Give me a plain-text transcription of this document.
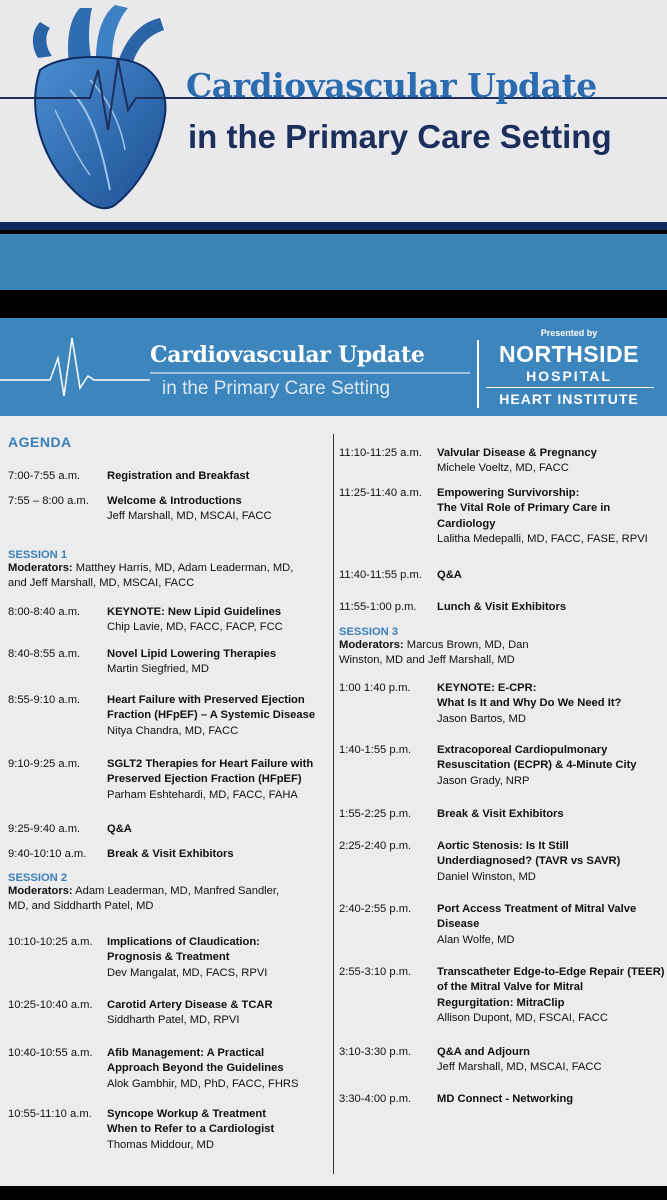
Cardiovascular Update
in the Primary Care Setting
Cardiovascular Update
in the Primary Care Setting
Presented by
NORTHSIDE
HOSPITAL
HEART INSTITUTE
AGENDA
7:00-7:55 a.m. Registration and Breakfast
7:55 – 8:00 a.m. Welcome & Introductions
Jeff Marshall, MD, MSCAI, FACC
SESSION 1
Moderators: Matthey Harris, MD, Adam Leaderman, MD,
and Jeff Marshall, MD, MSCAI, FACC
8:00-8:40 a.m. KEYNOTE: New Lipid Guidelines
Chip Lavie, MD, FACC, FACP, FCC
8:40-8:55 a.m. Novel Lipid Lowering Therapies
Martin Siegfried, MD
8:55-9:10 a.m. Heart Failure with Preserved Ejection
Fraction (HFpEF) – A Systemic Disease
Nitya Chandra, MD, FACC
9:10-9:25 a.m. SGLT2 Therapies for Heart Failure with
Preserved Ejection Fraction (HFpEF)
Parham Eshtehardi, MD, FACC, FAHA
9:25-9:40 a.m. Q&A
9:40-10:10 a.m. Break & Visit Exhibitors
SESSION 2
Moderators: Adam Leaderman, MD, Manfred Sandler,
MD, and Siddharth Patel, MD
10:10-10:25 a.m. Implications of Claudication:
Prognosis & Treatment
Dev Mangalat, MD, FACS, RPVI
10:25-10:40 a.m. Carotid Artery Disease & TCAR
Siddharth Patel, MD, RPVI
10:40-10:55 a.m. Afib Management: A Practical
Approach Beyond the Guidelines
Alok Gambhir, MD, PhD, FACC, FHRS
10:55-11:10 a.m. Syncope Workup & Treatment
When to Refer to a Cardiologist
Thomas Middour, MD
11:10-11:25 a.m. Valvular Disease & Pregnancy
Michele Voeltz, MD, FACC
11:25-11:40 a.m. Empowering Survivorship:
The Vital Role of Primary Care in
Cardiology
Lalitha Medepalli, MD, FACC, FASE, RPVI
11:40-11:55 p.m. Q&A
11:55-1:00 p.m. Lunch & Visit Exhibitors
SESSION 3
Moderators: Marcus Brown, MD, Dan
Winston, MD and Jeff Marshall, MD
1:00 1:40 p.m. KEYNOTE: E-CPR:
What Is It and Why Do We Need It?
Jason Bartos, MD
1:40-1:55 p.m. Extracoporeal Cardiopulmonary
Resuscitation (ECPR) & 4-Minute City
Jason Grady, NRP
1:55-2:25 p.m. Break & Visit Exhibitors
2:25-2:40 p.m. Aortic Stenosis: Is It Still
Underdiagnosed? (TAVR vs SAVR)
Daniel Winston, MD
2:40-2:55 p.m. Port Access Treatment of Mitral Valve
Disease
Alan Wolfe, MD
2:55-3:10 p.m. Transcatheter Edge-to-Edge Repair (TEER)
of the Mitral Valve for Mitral
Regurgitation: MitraClip
Allison Dupont, MD, FSCAI, FACC
3:10-3:30 p.m. Q&A and Adjourn
Jeff Marshall, MD, MSCAI, FACC
3:30-4:00 p.m. MD Connect - Networking
